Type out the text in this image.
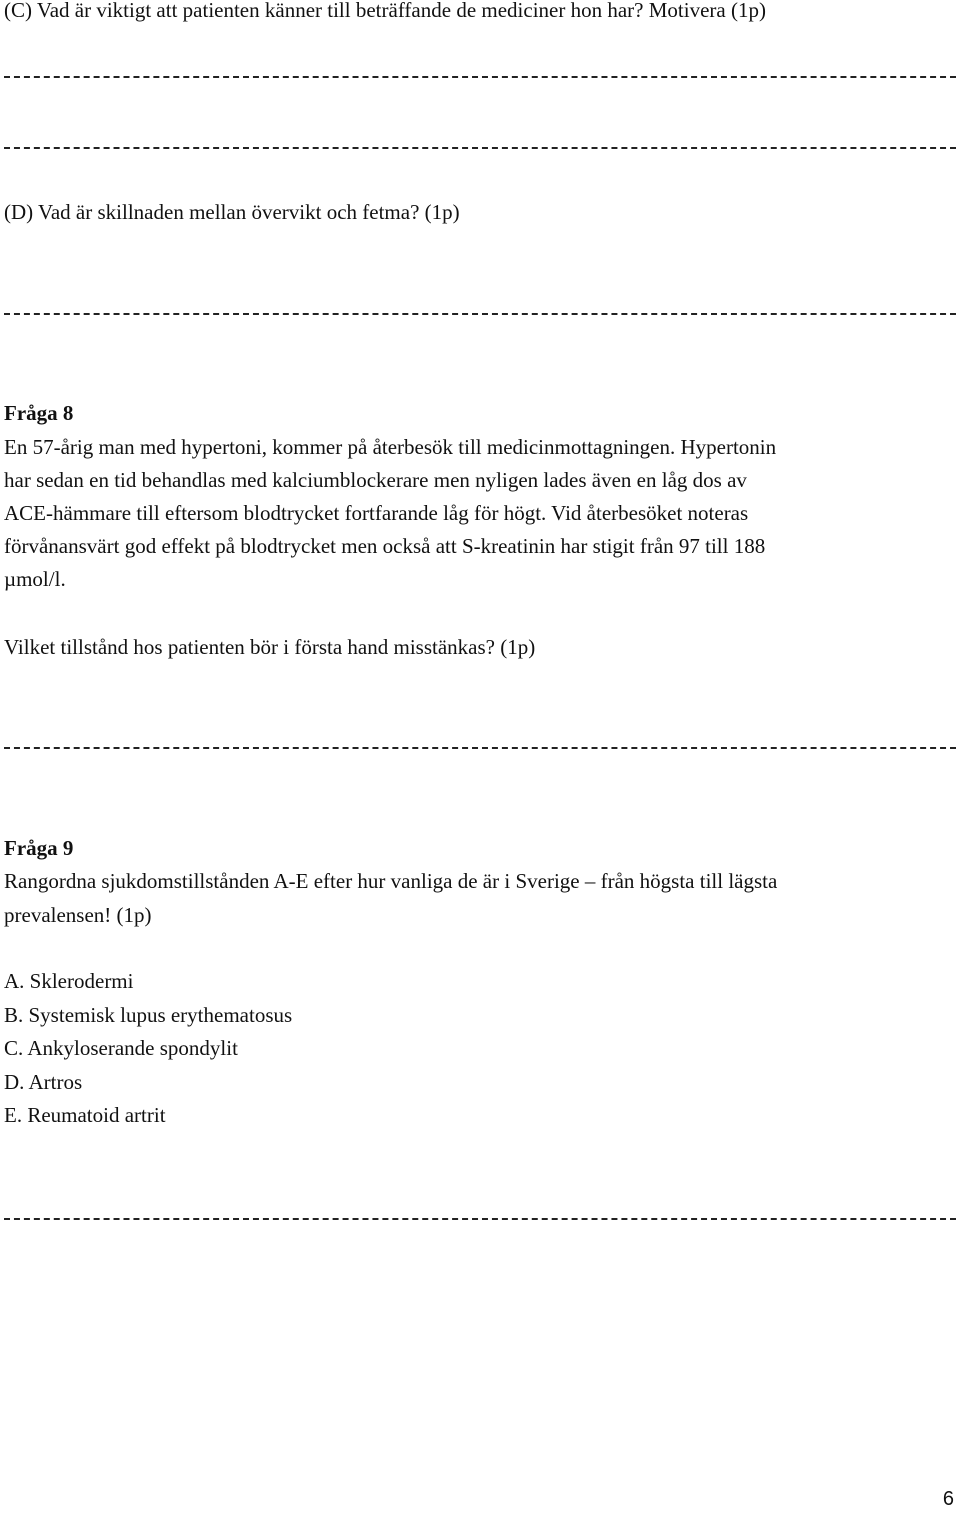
(C) Vad är viktigt att patienten känner till beträffande de mediciner hon har? Motivera (1p)
(D) Vad är skillnaden mellan övervikt och fetma? (1p)
Fråga 8
En 57-årig man med hypertoni, kommer på återbesök till medicinmottagningen. Hypertonin
har sedan en tid behandlas med kalciumblockerare men nyligen lades även en låg dos av
ACE-hämmare till eftersom blodtrycket fortfarande låg för högt. Vid återbesöket noteras
förvånansvärt god effekt på blodtrycket men också att S-kreatinin har stigit från 97 till 188
µmol/l.
Vilket tillstånd hos patienten bör i första hand misstänkas? (1p)
Fråga 9
Rangordna sjukdomstillstånden A-E efter hur vanliga de är i Sverige – från högsta till lägsta
prevalensen! (1p)
A. Sklerodermi
B. Systemisk lupus erythematosus
C. Ankyloserande spondylit
D. Artros
E. Reumatoid artrit
6
